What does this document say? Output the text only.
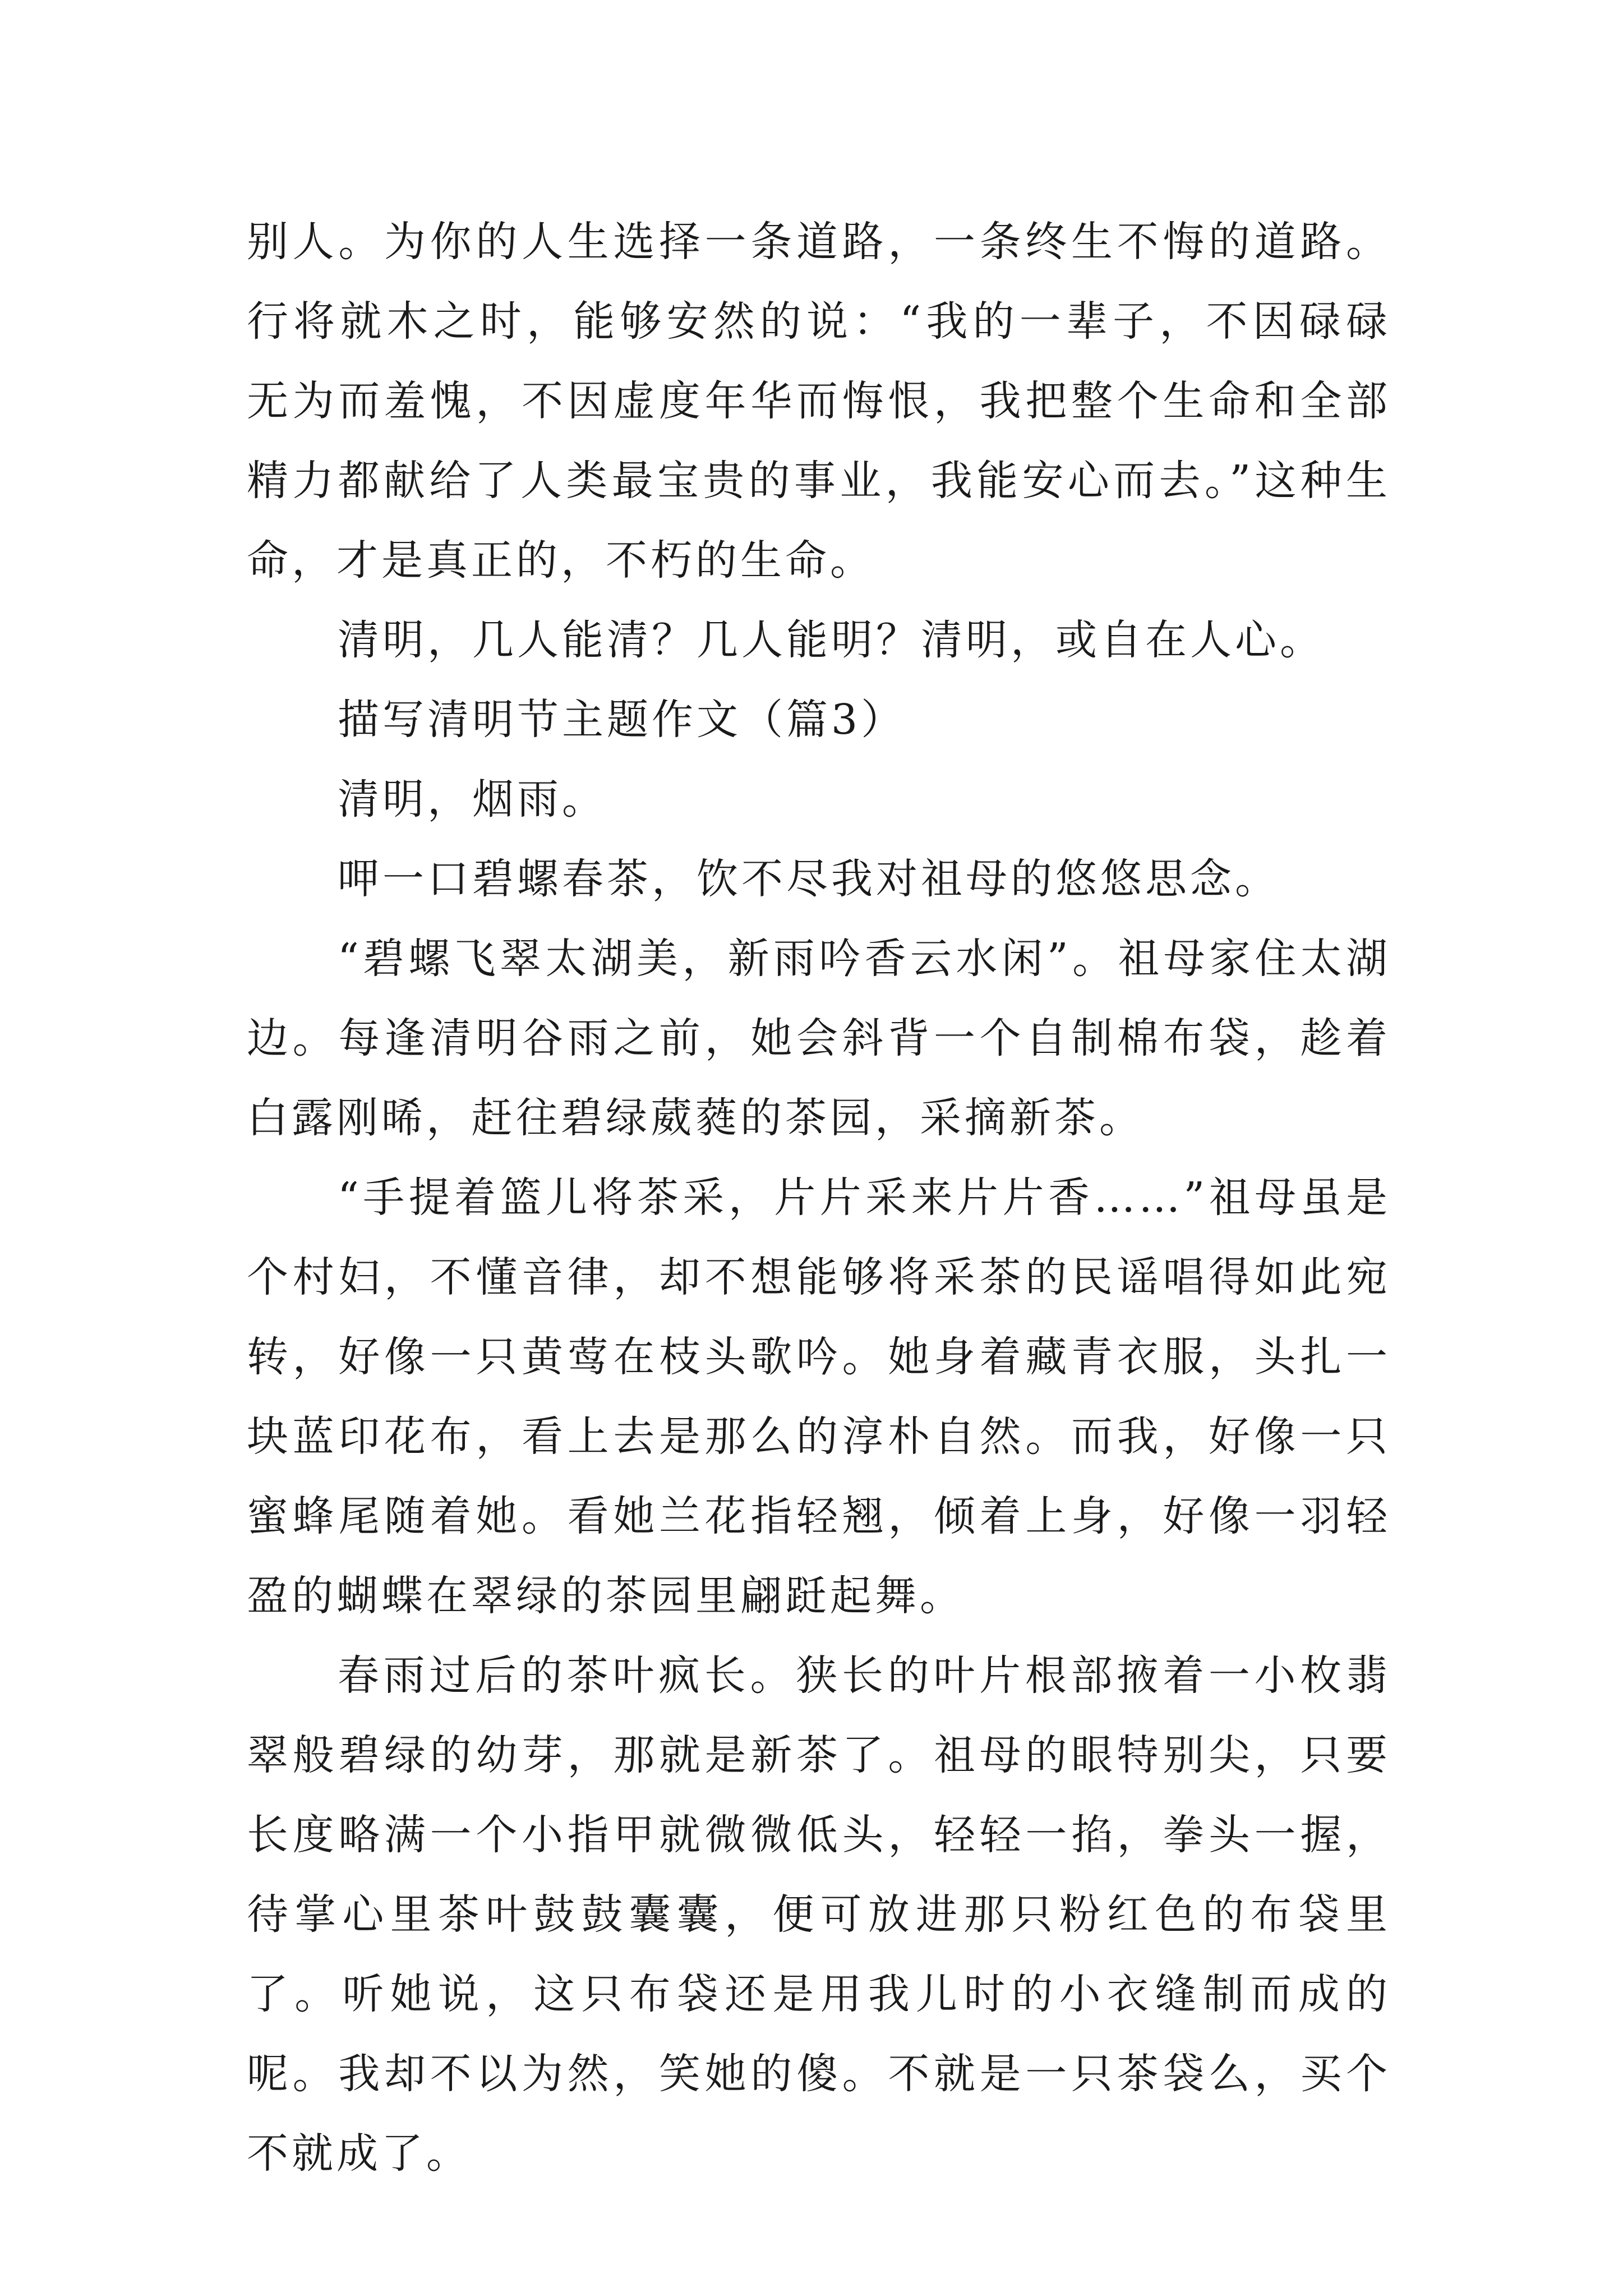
别人。为你的人生选择一条道路，一条终生不悔的道路。行将就木之时，能够安然的说：“我的一辈子，不因碌碌无为而羞愧，不因虚度年华而悔恨，我把整个生命和全部精力都献给了人类最宝贵的事业，我能安心而去。”这种生命，才是真正的，不朽的生命。

清明，几人能清？几人能明？清明，或自在人心。

描写清明节主题作文（篇3）

清明，烟雨。

呷一口碧螺春茶，饮不尽我对祖母的悠悠思念。

“碧螺飞翠太湖美，新雨吟香云水闲”。祖母家住太湖边。每逢清明谷雨之前，她会斜背一个自制棉布袋，趁着白露刚晞，赶往碧绿葳蕤的茶园，采摘新茶。

“手提着篮儿将茶采，片片采来片片香……”祖母虽是个村妇，不懂音律，却不想能够将采茶的民谣唱得如此宛转，好像一只黄莺在枝头歌吟。她身着藏青衣服，头扎一块蓝印花布，看上去是那么的淳朴自然。而我，好像一只蜜蜂尾随着她。看她兰花指轻翘，倾着上身，好像一羽轻盈的蝴蝶在翠绿的茶园里翩跹起舞。

春雨过后的茶叶疯长。狭长的叶片根部掖着一小枚翡翠般碧绿的幼芽，那就是新茶了。祖母的眼特别尖，只要长度略满一个小指甲就微微低头，轻轻一掐，拳头一握，待掌心里茶叶鼓鼓囊囊，便可放进那只粉红色的布袋里了。听她说，这只布袋还是用我儿时的小衣缝制而成的呢。我却不以为然，笑她的傻。不就是一只茶袋么，买个不就成了。
